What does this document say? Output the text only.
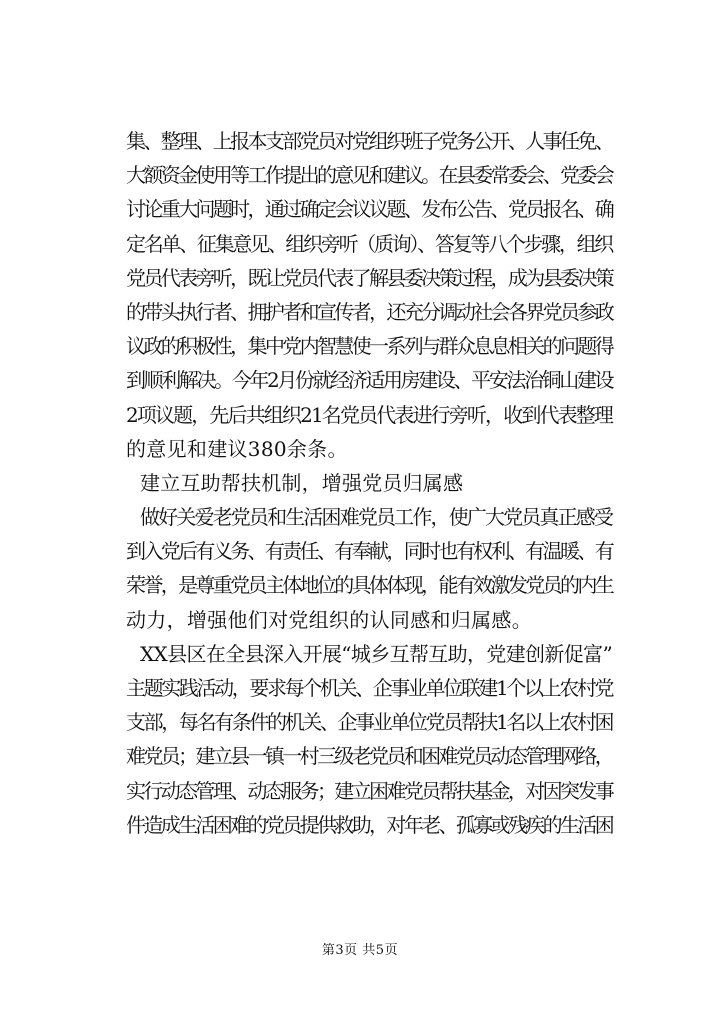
集、整理、上报本支部党员对党组织班子党务公开、人事任免、
大额资金使用等工作提出的意见和建议。在县委常委会、党委会
讨论重大问题时，通过确定会议议题、发布公告、党员报名、确
定名单、征集意见、组织旁听（质询）、答复等八个步骤，组织
党员代表旁听，既让党员代表了解县委决策过程，成为县委决策
的带头执行者、拥护者和宣传者，还充分调动社会各界党员参政
议政的积极性，集中党内智慧使一系列与群众息息相关的问题得
到顺利解决。今年2月份就经济适用房建设、平安法治铜山建设
2项议题，先后共组织21名党员代表进行旁听，收到代表整理
的意见和建议380余条。
建立互助帮扶机制，增强党员归属感
做好关爱老党员和生活困难党员工作，使广大党员真正感受
到入党后有义务、有责任、有奉献，同时也有权利、有温暖、有
荣誉，是尊重党员主体地位的具体体现，能有效激发党员的内生
动力，增强他们对党组织的认同感和归属感。
XX县区在全县深入开展“城乡互帮互助，党建创新促富”
主题实践活动，要求每个机关、企事业单位联建1个以上农村党
支部，每名有条件的机关、企事业单位党员帮扶1名以上农村困
难党员；建立县一镇一村三级老党员和困难党员动态管理网络，
实行动态管理、动态服务；建立困难党员帮扶基金，对因突发事
件造成生活困难的党员提供救助，对年老、孤寡或残疾的生活困
第3页 共5页
